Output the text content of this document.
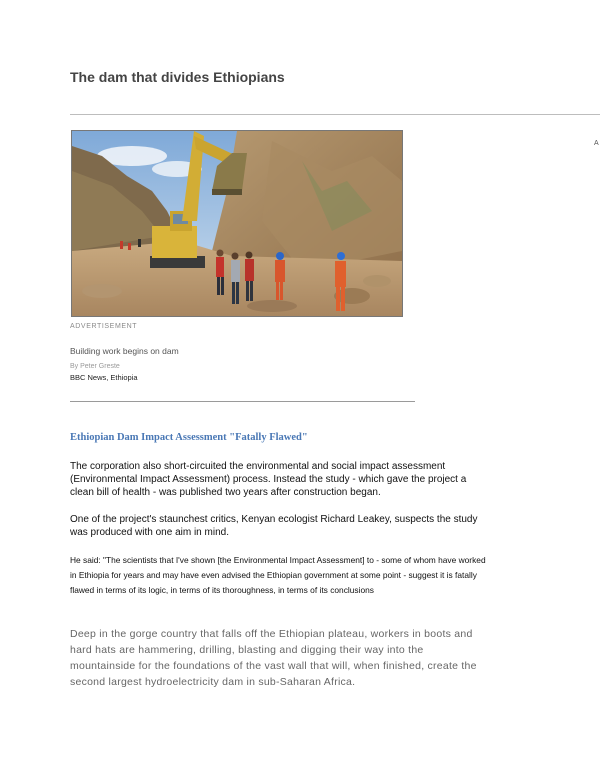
The dam that divides Ethiopians
A
ADVERTISEMENT
Building work begins on dam
By Peter Greste
BBC News, Ethiopia
Ethiopian Dam Impact Assessment "Fatally Flawed"

The corporation also short-circuited the environmental and social impact assessment (Environmental Impact Assessment) process. Instead the study - which gave the project a clean bill of health - was published two years after construction began.

One of the project's staunchest critics, Kenyan ecologist Richard Leakey, suspects the study was produced with one aim in mind.

He said: "The scientists that I've shown [the Environmental Impact Assessment] to - some of whom have worked in Ethiopia for years and may have even advised the Ethiopian government at some point - suggest it is fatally flawed in terms of its logic, in terms of its thoroughness, in terms of its conclusions

Deep in the gorge country that falls off the Ethiopian plateau, workers in boots and hard hats are hammering, drilling, blasting and digging their way into the mountainside for the foundations of the vast wall that will, when finished, create the second largest hydroelectricity dam in sub-Saharan Africa.
